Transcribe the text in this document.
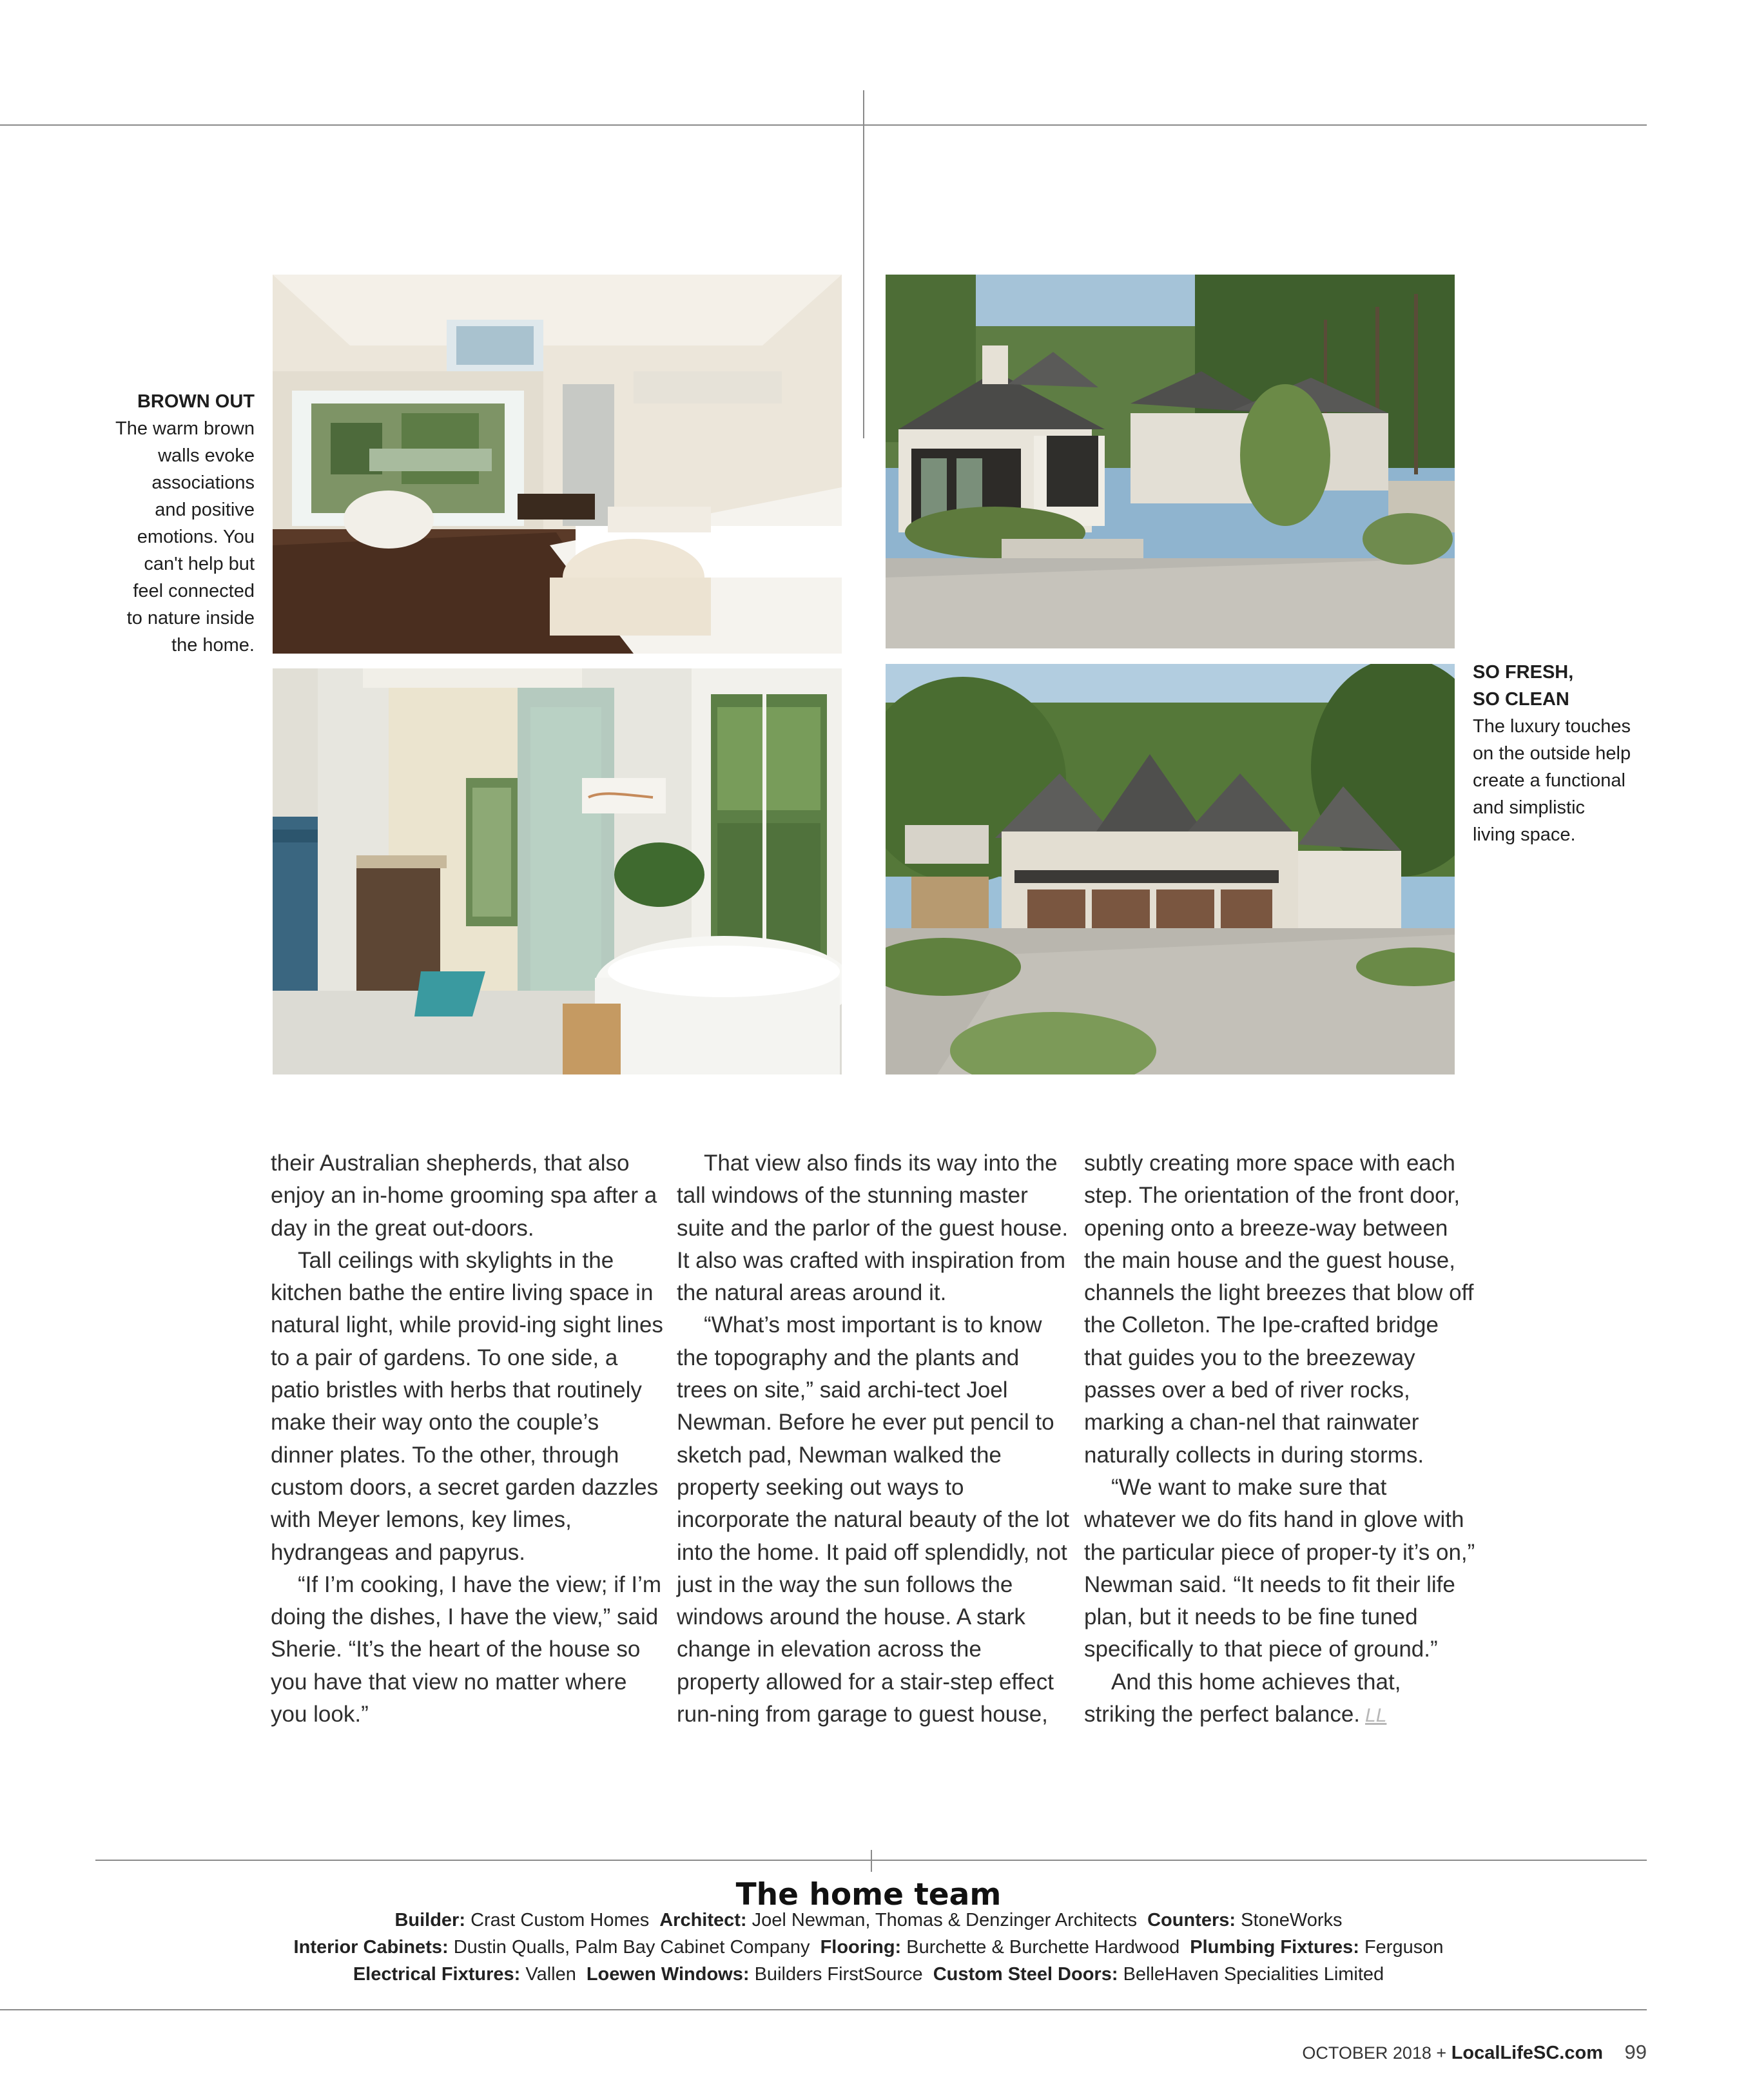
BROWN OUT
The warm brown
walls evoke
associations
and positive
emotions. You
can't help but
feel connected
to nature inside
the home.
SO FRESH,
SO CLEAN
The luxury touches
on the outside help
create a functional
and simplistic
living space.

their Australian shepherds, that also enjoy an in-home grooming spa after a day in the great out-doors.

Tall ceilings with skylights in the kitchen bathe the entire living space in natural light, while provid-ing sight lines to a pair of gardens. To one side, a patio bristles with herbs that routinely make their way onto the couple’s dinner plates. To the other, through custom doors, a secret garden dazzles with Meyer lemons, key limes, hydrangeas and papyrus.

“If I’m cooking, I have the view; if I’m doing the dishes, I have the view,” said Sherie. “It’s the heart of the house so you have that view no matter where you look.”

That view also finds its way into the tall windows of the stunning master suite and the parlor of the guest house. It also was crafted with inspiration from the natural areas around it.

“What’s most important is to know the topography and the plants and trees on site,” said archi-tect Joel Newman. Before he ever put pencil to sketch pad, Newman walked the property seeking out ways to incorporate the natural beauty of the lot into the home. It paid off splendidly, not just in the way the sun follows the windows around the house. A stark change in elevation across the property allowed for a stair-step effect run-ning from garage to guest house,

subtly creating more space with each step. The orientation of the front door, opening onto a breeze-way between the main house and the guest house, channels the light breezes that blow off the Colleton. The Ipe-crafted bridge that guides you to the breezeway passes over a bed of river rocks, marking a chan-nel that rainwater naturally collects in during storms.

“We want to make sure that whatever we do fits hand in glove with the particular piece of proper-ty it’s on,” Newman said. “It needs to fit their life plan, but it needs to be fine tuned specifically to that piece of ground.”

And this home achieves that, striking the perfect balance. LL

The home team
Builder: Crast Custom Homes Architect: Joel Newman, Thomas & Denzinger Architects Counters: StoneWorks
Interior Cabinets: Dustin Qualls, Palm Bay Cabinet Company Flooring: Burchette & Burchette Hardwood Plumbing Fixtures: Ferguson
Electrical Fixtures: Vallen Loewen Windows: Builders FirstSource Custom Steel Doors: BelleHaven Specialities Limited
OCTOBER 2018 + LocalLifeSC.com 99
